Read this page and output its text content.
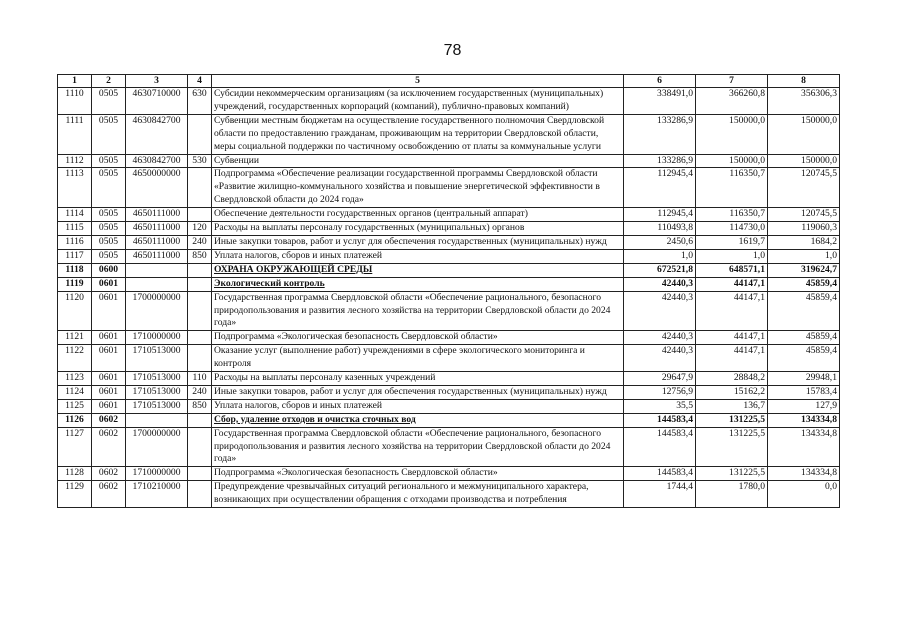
78
1	2	3	4	5	6	7	8
1110	0505	4630710000	630	Субсидии некоммерческим организациям (за исключением государственных (муниципальных) учреждений, государственных корпораций (компаний), публично-правовых компаний)	338491,0	366260,8	356306,3
1111	0505	4630842700		Субвенции местным бюджетам на осуществление государственного полномочия Свердловской области по предоставлению гражданам, проживающим на территории Свердловской области, меры социальной поддержки по частичному освобождению от платы за коммунальные услуги	133286,9	150000,0	150000,0
1112	0505	4630842700	530	Субвенции	133286,9	150000,0	150000,0
1113	0505	4650000000		Подпрограмма «Обеспечение реализации государственной программы Свердловской области «Развитие жилищно-коммунального хозяйства и повышение энергетической эффективности в Свердловской области до 2024 года»	112945,4	116350,7	120745,5
1114	0505	4650111000		Обеспечение деятельности государственных органов (центральный аппарат)	112945,4	116350,7	120745,5
1115	0505	4650111000	120	Расходы на выплаты персоналу государственных (муниципальных) органов	110493,8	114730,0	119060,3
1116	0505	4650111000	240	Иные закупки товаров, работ и услуг для обеспечения государственных (муниципальных) нужд	2450,6	1619,7	1684,2
1117	0505	4650111000	850	Уплата налогов, сборов и иных платежей	1,0	1,0	1,0
1118	0600			ОХРАНА ОКРУЖАЮЩЕЙ СРЕДЫ	672521,8	648571,1	319624,7
1119	0601			Экологический контроль	42440,3	44147,1	45859,4
1120	0601	1700000000		Государственная программа Свердловской области «Обеспечение рационального, безопасного природопользования и развития лесного хозяйства на территории Свердловской области до 2024 года»	42440,3	44147,1	45859,4
1121	0601	1710000000		Подпрограмма «Экологическая безопасность Свердловской области»	42440,3	44147,1	45859,4
1122	0601	1710513000		Оказание услуг (выполнение работ) учреждениями в сфере экологического мониторинга и контроля	42440,3	44147,1	45859,4
1123	0601	1710513000	110	Расходы на выплаты персоналу казенных учреждений	29647,9	28848,2	29948,1
1124	0601	1710513000	240	Иные закупки товаров, работ и услуг для обеспечения государственных (муниципальных) нужд	12756,9	15162,2	15783,4
1125	0601	1710513000	850	Уплата налогов, сборов и иных платежей	35,5	136,7	127,9
1126	0602			Сбор, удаление отходов и очистка сточных вод	144583,4	131225,5	134334,8
1127	0602	1700000000		Государственная программа Свердловской области «Обеспечение рационального, безопасного природопользования и развития лесного хозяйства на территории Свердловской области до 2024 года»	144583,4	131225,5	134334,8
1128	0602	1710000000		Подпрограмма «Экологическая безопасность Свердловской области»	144583,4	131225,5	134334,8
1129	0602	1710210000		Предупреждение чрезвычайных ситуаций регионального и межмуниципального характера, возникающих при осуществлении обращения с отходами производства и потребления	1744,4	1780,0	0,0
